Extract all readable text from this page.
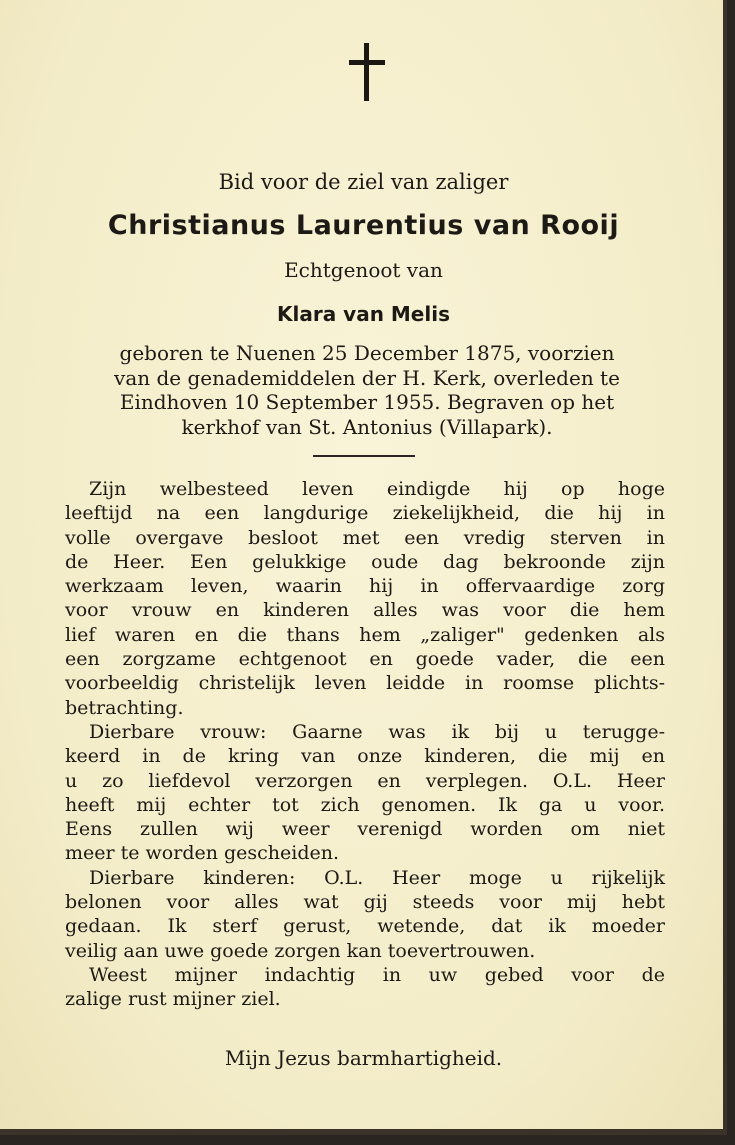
Bid voor de ziel van zaliger
Christianus Laurentius van Rooij
Echtgenoot van
Klara van Melis
geboren te Nuenen 25 December 1875, voorzien
van de genademiddelen der H. Kerk, overleden te
Eindhoven 10 September 1955. Begraven op het
kerkhof van St. Antonius (Villapark).
Zijn welbesteed leven eindigde hij op hoge
leeftijd na een langdurige ziekelijkheid, die hij in
volle overgave besloot met een vredig sterven in
de Heer. Een gelukkige oude dag bekroonde zijn
werkzaam leven, waarin hij in offervaardige zorg
voor vrouw en kinderen alles was voor die hem
lief waren en die thans hem „zaliger" gedenken als
een zorgzame echtgenoot en goede vader, die een
voorbeeldig christelijk leven leidde in roomse plichts-
betrachting.
Dierbare vrouw: Gaarne was ik bij u terugge-
keerd in de kring van onze kinderen, die mij en
u zo liefdevol verzorgen en verplegen. O.L. Heer
heeft mij echter tot zich genomen. Ik ga u voor.
Eens zullen wij weer verenigd worden om niet
meer te worden gescheiden.
Dierbare kinderen: O.L. Heer moge u rijkelijk
belonen voor alles wat gij steeds voor mij hebt
gedaan. Ik sterf gerust, wetende, dat ik moeder
veilig aan uwe goede zorgen kan toevertrouwen.
Weest mijner indachtig in uw gebed voor de
zalige rust mijner ziel.
Mijn Jezus barmhartigheid.
